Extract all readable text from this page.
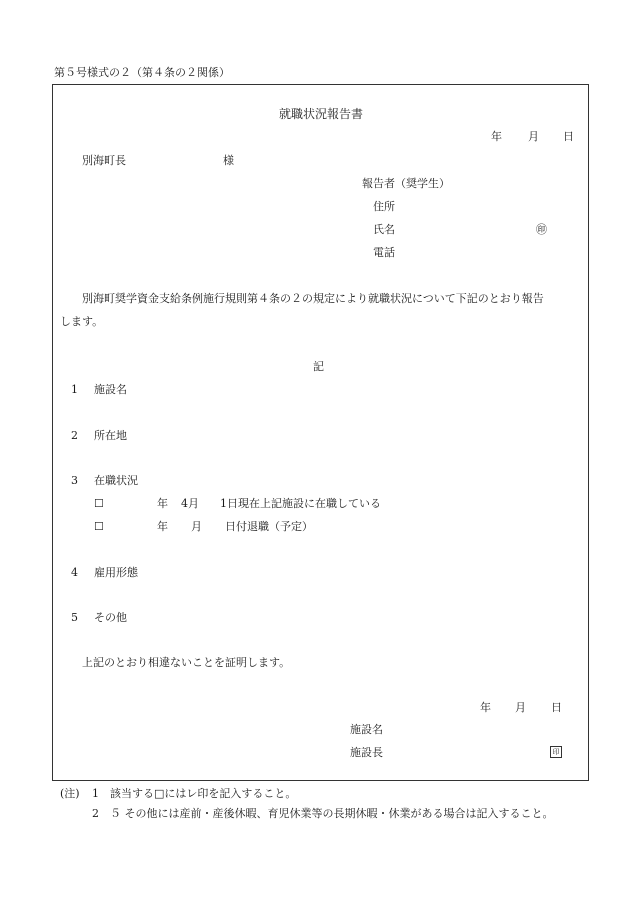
第５号様式の２（第４条の２関係）
就職状況報告書
年 月 日
別海町長	様
報告者（奨学生）
住所
氏名	㊞
電話
別海町奨学資金支給条例施行規則第４条の２の規定により就職状況について下記のとおり報告
します。
記
1 施設名
2 所在地
3 在職状況
☐	年 4月 1日現在上記施設に在職している
☐	年 月 日付退職（予定）
4 雇用形態
5 その他
上記のとおり相違ないことを証明します。
年 月 日
施設名
施設長	印
(注) 1 該当する□にはレ印を記入すること。
2 ５ その他には産前・産後休暇、育児休業等の長期休暇・休業がある場合は記入すること。
